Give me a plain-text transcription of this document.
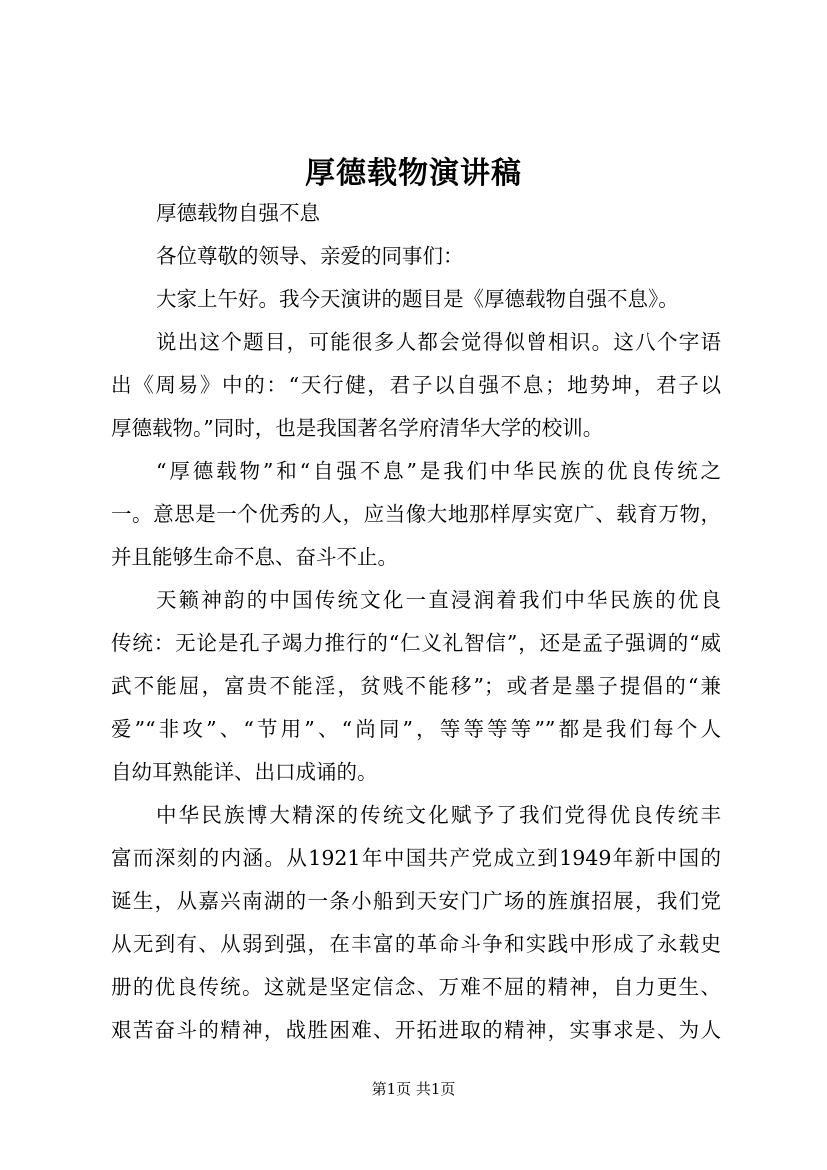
厚德载物演讲稿
厚德载物自强不息
各位尊敬的领导、亲爱的同事们：
大家上午好。我今天演讲的题目是《厚德载物自强不息》。
说出这个题目，可能很多人都会觉得似曾相识。这八个字语
出《周易》中的：“天行健，君子以自强不息；地势坤，君子以
厚德载物。”同时，也是我国著名学府清华大学的校训。
“厚德载物”和“自强不息”是我们中华民族的优良传统之
一。意思是一个优秀的人，应当像大地那样厚实宽广、载育万物，
并且能够生命不息、奋斗不止。
天籁神韵的中国传统文化一直浸润着我们中华民族的优良
传统：无论是孔子竭力推行的“仁义礼智信”，还是孟子强调的“威
武不能屈，富贵不能淫，贫贱不能移”；或者是墨子提倡的“兼
爱”“非攻”、“节用”、“尚同”，等等等等””都是我们每个人
自幼耳熟能详、出口成诵的。
中华民族博大精深的传统文化赋予了我们党得优良传统丰
富而深刻的内涵。从1921年中国共产党成立到1949年新中国的
诞生，从嘉兴南湖的一条小船到天安门广场的旌旗招展，我们党
从无到有、从弱到强，在丰富的革命斗争和实践中形成了永载史
册的优良传统。这就是坚定信念、万难不屈的精神，自力更生、
艰苦奋斗的精神，战胜困难、开拓进取的精神，实事求是、为人
第1页 共1页
